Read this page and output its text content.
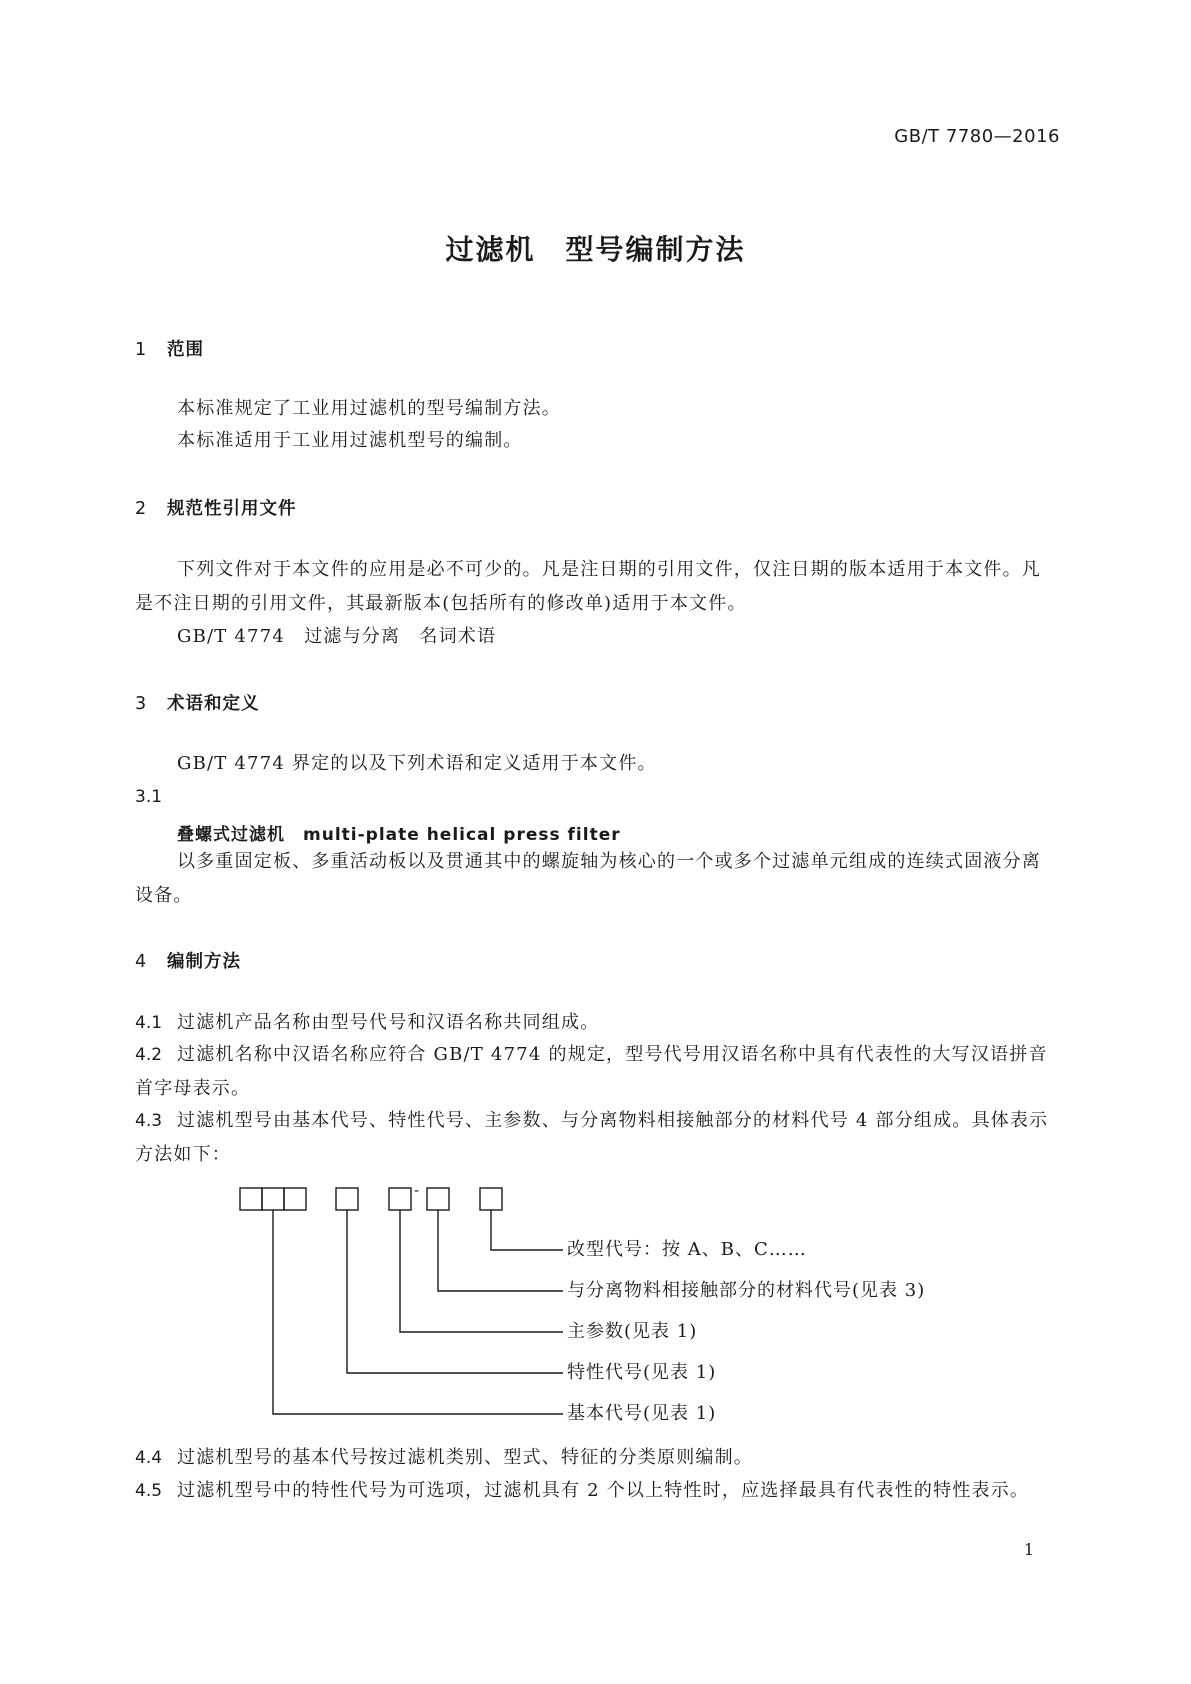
GB/T 7780—2016
过滤机　型号编制方法
1 范围
本标准规定了工业用过滤机的型号编制方法。
本标准适用于工业用过滤机型号的编制。
2 规范性引用文件
下列文件对于本文件的应用是必不可少的。凡是注日期的引用文件，仅注日期的版本适用于本文件。凡是不注日期的引用文件，其最新版本(包括所有的修改单)适用于本文件。
GB/T 4774　过滤与分离　名词术语
3 术语和定义
GB/T 4774 界定的以及下列术语和定义适用于本文件。
3.1
叠螺式过滤机　multi-plate helical press filter
以多重固定板、多重活动板以及贯通其中的螺旋轴为核心的一个或多个过滤单元组成的连续式固液分离设备。
4 编制方法
4.1 过滤机产品名称由型号代号和汉语名称共同组成。
4.2 过滤机名称中汉语名称应符合 GB/T 4774 的规定，型号代号用汉语名称中具有代表性的大写汉语拼音首字母表示。
4.3 过滤机型号由基本代号、特性代号、主参数、与分离物料相接触部分的材料代号 4 部分组成。具体表示方法如下：
-
改型代号：按 A、B、C……
与分离物料相接触部分的材料代号(见表 3)
主参数(见表 1)
特性代号(见表 1)
基本代号(见表 1)
4.4 过滤机型号的基本代号按过滤机类别、型式、特征的分类原则编制。
4.5 过滤机型号中的特性代号为可选项，过滤机具有 2 个以上特性时，应选择最具有代表性的特性表示。
1
